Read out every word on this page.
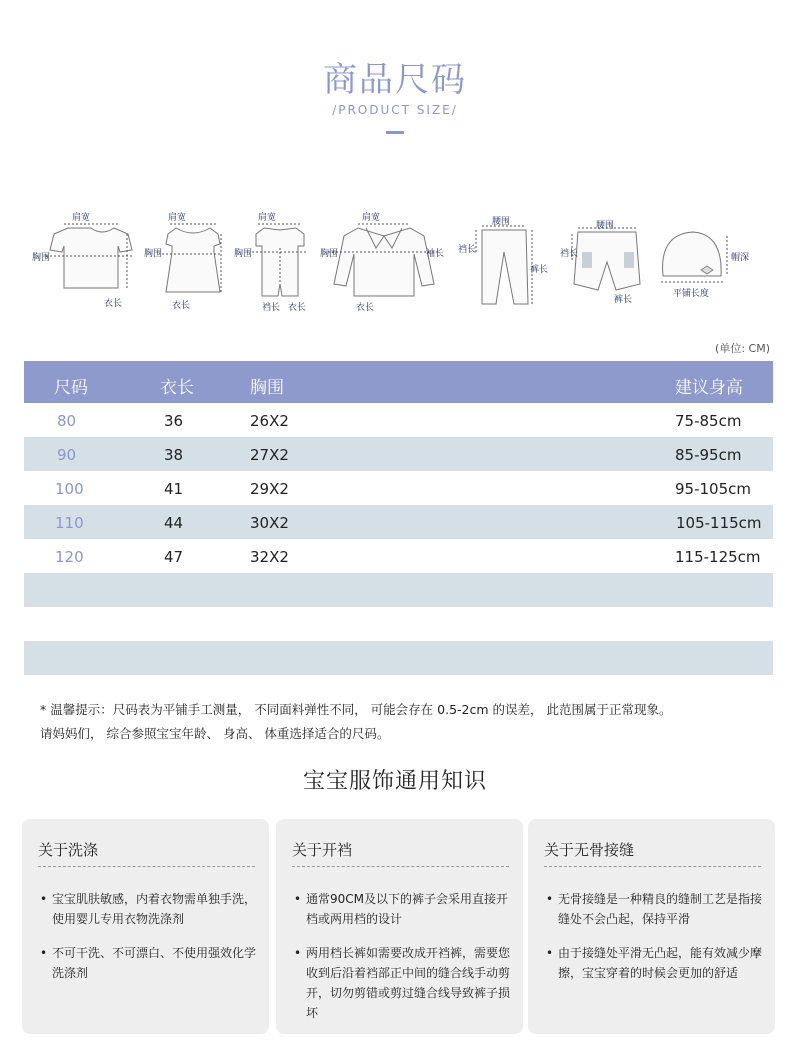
商品尺码
/PRODUCT SIZE/
肩宽
胸围
衣长
肩宽
胸围
衣长
肩宽
胸围
裆长 衣长
肩宽
胸围	袖长
衣长
腰围
裆长
裤长
腰围
裆长
裤长
帽深
平铺长度
(单位: CM)
尺码	衣长	胸围	建议身高
80	36	26X2	75-85cm
90	38	27X2	85-95cm
100	41	29X2	95-105cm
110	44	30X2	105-115cm
120	47	32X2	115-125cm
* 温馨提示：尺码表为平铺手工测量， 不同面料弹性不同， 可能会存在 0.5-2cm 的误差， 此范围属于正常现象。
请妈妈们， 综合参照宝宝年龄、 身高、 体重选择适合的尺码。
宝宝服饰通用知识
关于洗涤
• 宝宝肌肤敏感，内着衣物需单独手洗，使用婴儿专用衣物洗涤剂
• 不可干洗、不可漂白、不使用强效化学洗涤剂
关于开裆
• 通常90CM及以下的裤子会采用直接开档或两用档的设计
• 两用档长裤如需要改成开裆裤，需要您收到后沿着裆部正中间的缝合线手动剪开，切勿剪错或剪过缝合线导致裤子损坏
关于无骨接缝
• 无骨接缝是一种精良的缝制工艺是指接缝处不会凸起，保持平滑
• 由于接缝处平滑无凸起，能有效减少摩擦，宝宝穿着的时候会更加的舒适
